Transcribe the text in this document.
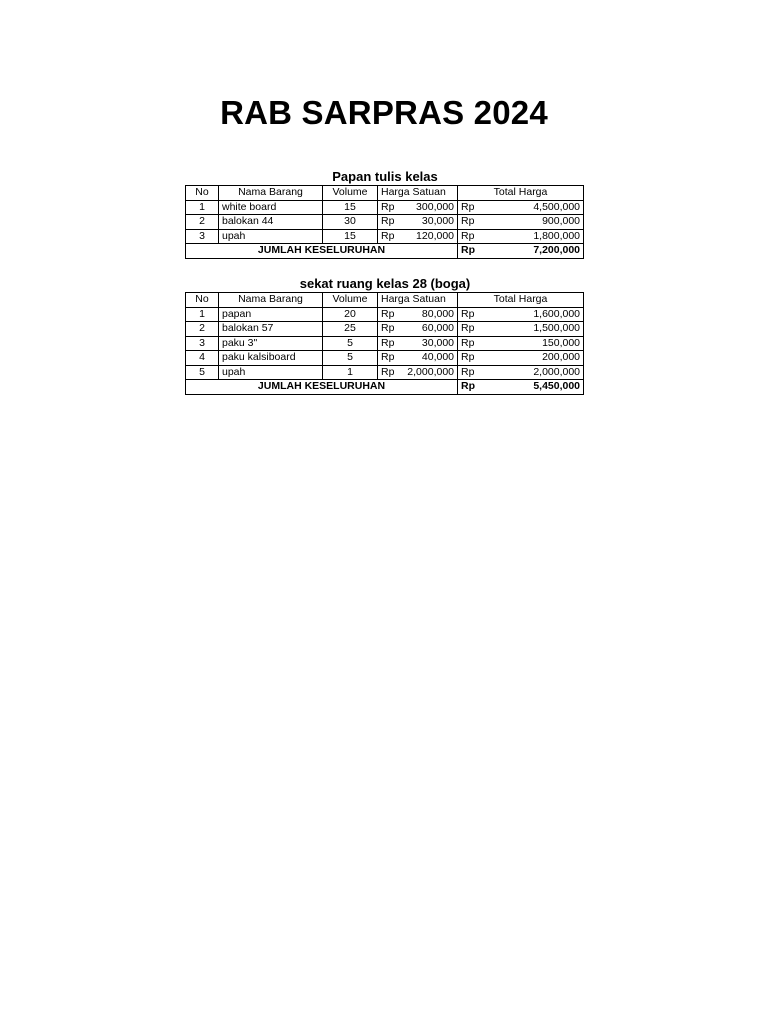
RAB SARPRAS 2024
Papan tulis kelas
No	Nama Barang	Volume	Harga Satuan		Total Harga	
1	white board	15	Rp	300,000	Rp	4,500,000
2	balokan 44	30	Rp	30,000	Rp	900,000
3	upah	15	Rp	120,000	Rp	1,800,000
JUMLAH KESELURUHAN					Rp	7,200,000
sekat ruang kelas 28 (boga)
No	Nama Barang	Volume	Harga Satuan		Total Harga	
1	papan	20	Rp	80,000	Rp	1,600,000
2	balokan 57	25	Rp	60,000	Rp	1,500,000
3	paku 3"	5	Rp	30,000	Rp	150,000
4	paku kalsiboard	5	Rp	40,000	Rp	200,000
5	upah	1	Rp	2,000,000	Rp	2,000,000
JUMLAH KESELURUHAN					Rp	5,450,000
